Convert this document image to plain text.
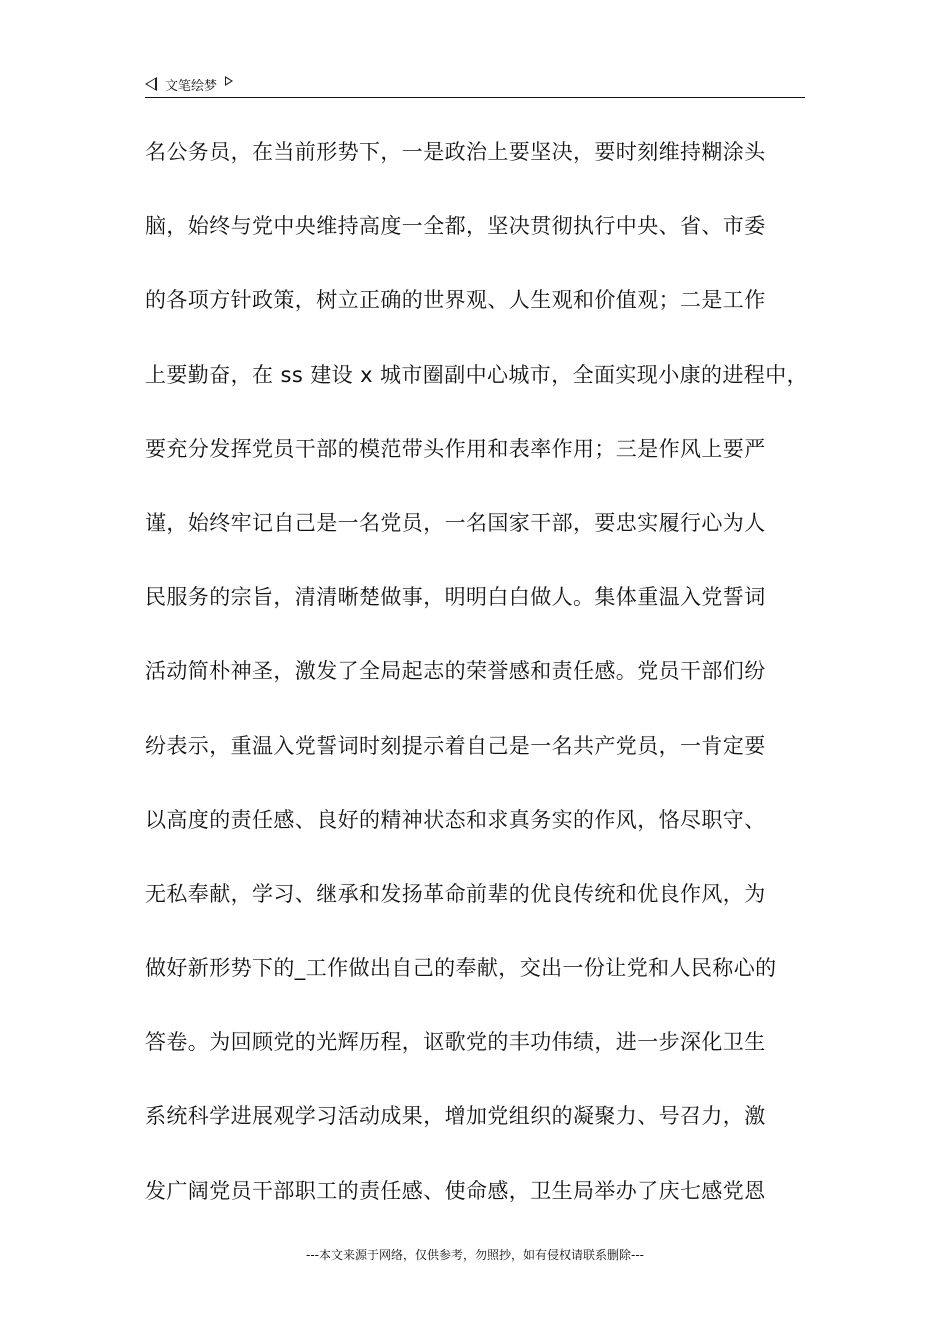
文笔绘梦
名公务员，在当前形势下，一是政治上要坚决，要时刻维持糊涂头
脑，始终与党中央维持高度一全都，坚决贯彻执行中央、省、市委
的各项方针政策，树立正确的世界观、人生观和价值观；二是工作
上要勤奋，在 ss 建设 x 城市圈副中心城市，全面实现小康的进程中，
要充分发挥党员干部的模范带头作用和表率作用；三是作风上要严
谨，始终牢记自己是一名党员，一名国家干部，要忠实履行心为人
民服务的宗旨，清清晰楚做事，明明白白做人。集体重温入党誓词
活动简朴神圣，激发了全局起志的荣誉感和责任感。党员干部们纷
纷表示，重温入党誓词时刻提示着自己是一名共产党员，一肯定要
以高度的责任感、良好的精神状态和求真务实的作风，恪尽职守、
无私奉献，学习、继承和发扬革命前辈的优良传统和优良作风，为
做好新形势下的_工作做出自己的奉献，交出一份让党和人民称心的
答卷。为回顾党的光辉历程，讴歌党的丰功伟绩，进一步深化卫生
系统科学进展观学习活动成果，增加党组织的凝聚力、号召力，激
发广阔党员干部职工的责任感、使命感，卫生局举办了庆七感党恩
---本文来源于网络，仅供参考，勿照抄，如有侵权请联系删除---
